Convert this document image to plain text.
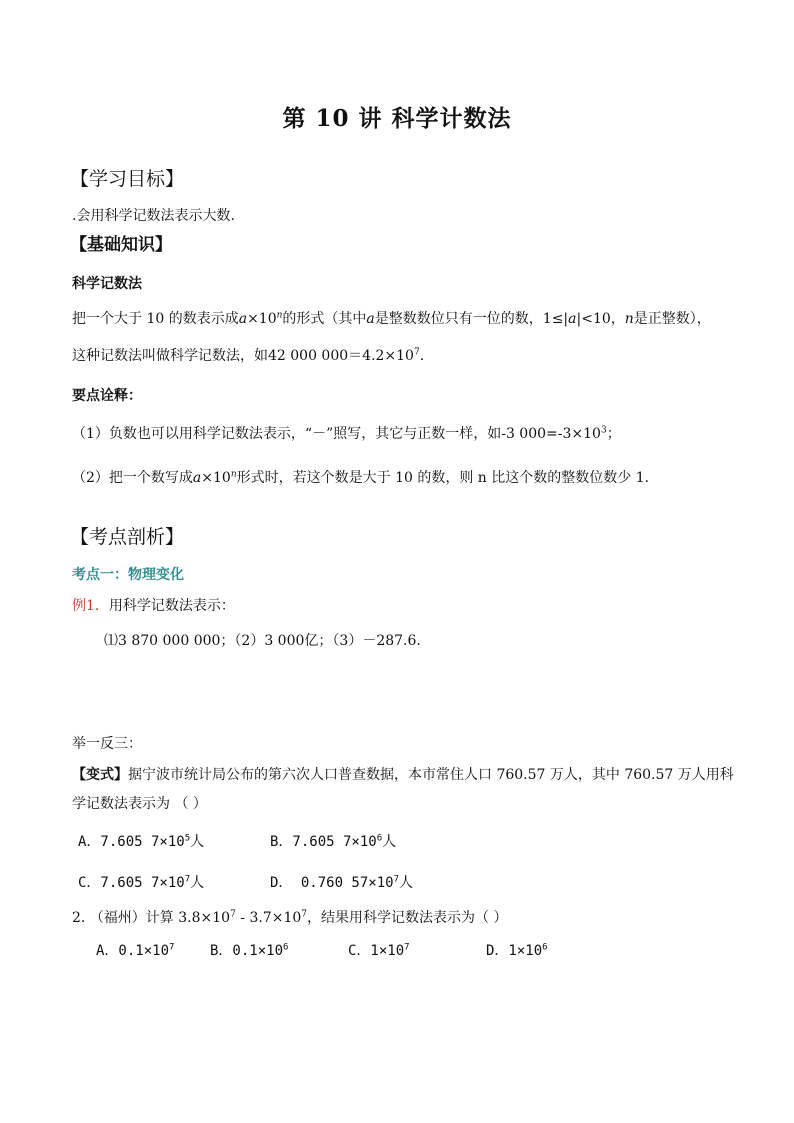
第 10 讲 科学计数法
【学习目标】
.会用科学记数法表示大数.
【基础知识】
科学记数法
把一个大于 10 的数表示成$a\times 10^n$的形式（其中a是整数数位只有一位的数，1≤|a|<10，n是正整数），
这种记数法叫做科学记数法，如42 000 $000=4.2\times 10^7$.
要点诠释：
（1）负数也可以用科学记数法表示，“－”照写，其它与正数一样，如-3 $000=-3\times 10^3$；
（2）把一个数写成$a\times 10^n$形式时，若这个数是大于 10 的数，则 n 比这个数的整数位数少 1.
【考点剖析】
考点一：物理变化
例1．用科学记数法表示：
⑴3 870 000 000；（2）3 000亿；（3）－287.6.
举一反三：
【变式】据宁波市统计局公布的第六次人口普查数据，本市常住人口 760.57 万人，其中 760.57 万人用科
学记数法表示为 （ ）
A．7.605 $7\times 10^5$人	B．7.605 $7\times 10^6$人
C．7.605 $7\times 10^7$人	D． 0.760 $57\times 10^7$人
2. （福州）计算 $3.8\times 10^7 - 3.7\times 10^7$，结果用科学记数法表示为（ ）
A．$0.1\times 10^7$	B．$0.1\times 10^6$	C．$1\times 10^7$	D．$1\times 10^6$
